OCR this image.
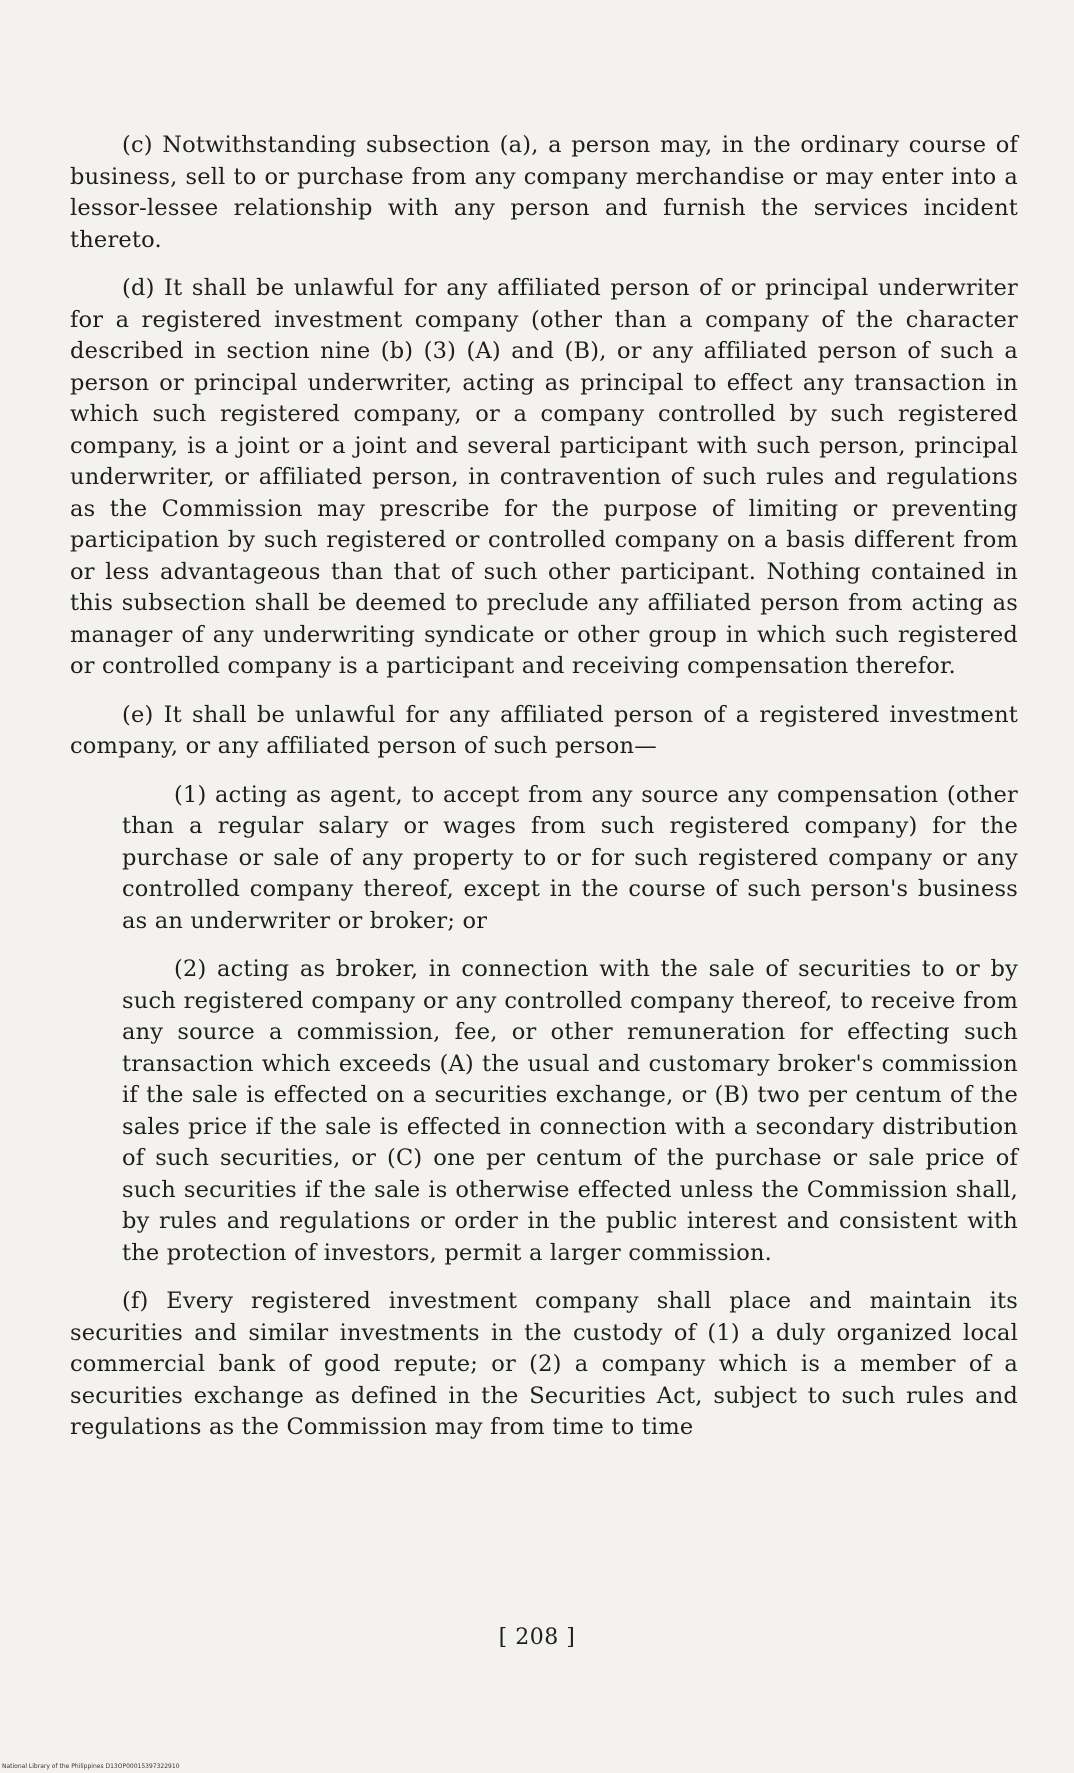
(c) Notwithstanding subsection (a), a person may, in the ordinary course of business, sell to or purchase from any company merchandise or may enter into a lessor-lessee relationship with any person and furnish the services incident thereto.

(d) It shall be unlawful for any affiliated person of or principal underwriter for a registered investment company (other than a company of the character described in section nine (b) (3) (A) and (B), or any affiliated person of such a person or principal underwriter, acting as principal to effect any transaction in which such registered company, or a company controlled by such registered company, is a joint or a joint and several participant with such person, principal underwriter, or affiliated person, in contravention of such rules and regulations as the Commission may prescribe for the purpose of limiting or preventing participation by such registered or controlled company on a basis different from or less advantageous than that of such other participant. Nothing contained in this subsection shall be deemed to preclude any affiliated person from acting as manager of any underwriting syndicate or other group in which such registered or controlled company is a participant and receiving compensation therefor.

(e) It shall be unlawful for any affiliated person of a registered investment company, or any affiliated person of such person—

(1) acting as agent, to accept from any source any compensation (other than a regular salary or wages from such registered company) for the purchase or sale of any property to or for such registered company or any controlled company thereof, except in the course of such person's business as an underwriter or broker; or

(2) acting as broker, in connection with the sale of securities to or by such registered company or any controlled company thereof, to receive from any source a commission, fee, or other remuneration for effecting such transaction which exceeds (A) the usual and customary broker's commission if the sale is effected on a securities exchange, or (B) two per centum of the sales price if the sale is effected in connection with a secondary distribution of such securities, or (C) one per centum of the purchase or sale price of such securities if the sale is otherwise effected unless the Commission shall, by rules and regulations or order in the public interest and consistent with the protection of investors, permit a larger commission.

(f) Every registered investment company shall place and maintain its securities and similar investments in the custody of (1) a duly organized local commercial bank of good repute; or (2) a company which is a member of a securities exchange as defined in the Securities Act, subject to such rules and regulations as the Commission may from time to time

[ 208 ]
National Library of the Philippines D13OP00015397322910
